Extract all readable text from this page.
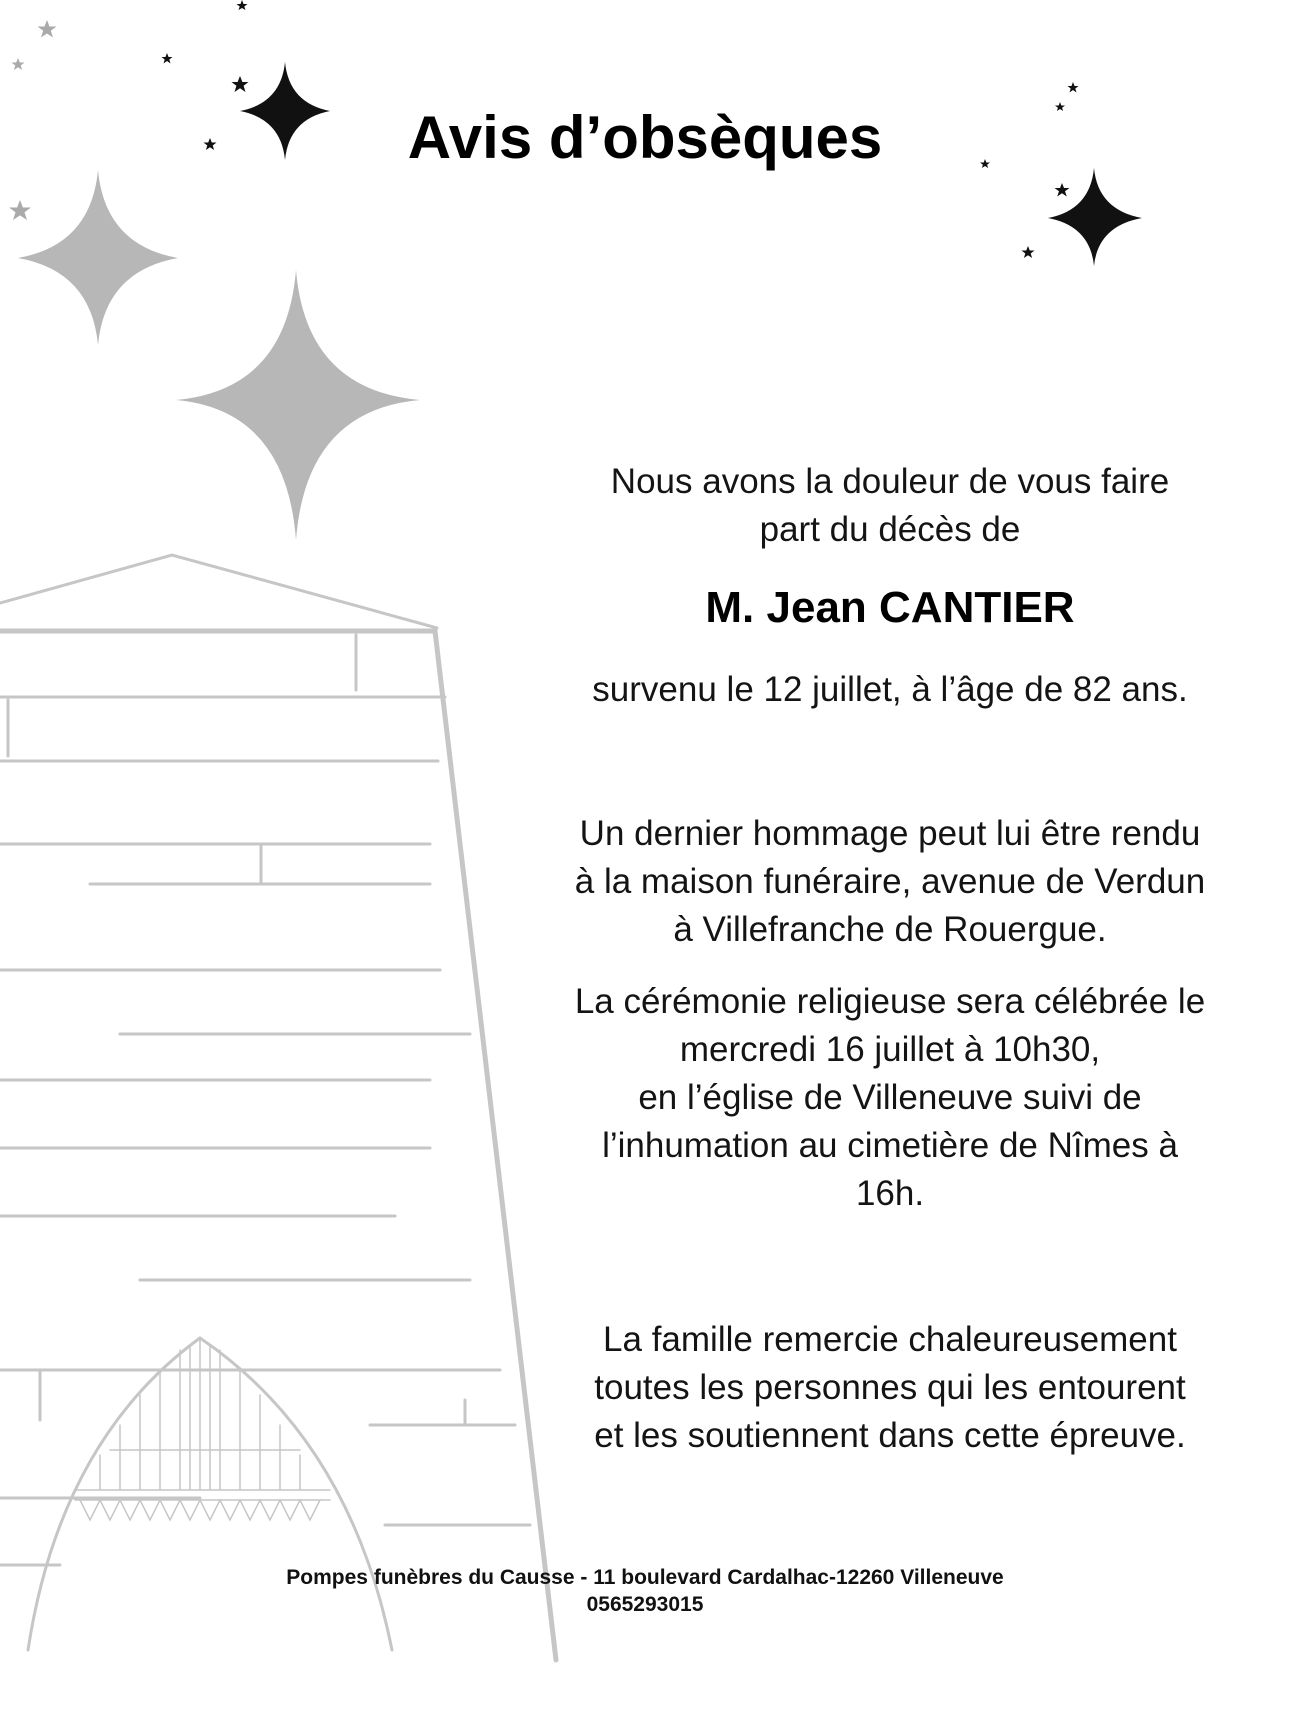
Avis d’obsèques

Nous avons la douleur de vous faire

part du décès de

M. Jean CANTIER

survenu le 12 juillet, à l’âge de 82 ans.

Un dernier hommage peut lui être rendu

à la maison funéraire, avenue de Verdun

à Villefranche de Rouergue.

La cérémonie religieuse sera célébrée le

mercredi 16 juillet à 10h30,

en l’église de Villeneuve suivi de

l’inhumation au cimetière de Nîmes à

16h.

La famille remercie chaleureusement

toutes les personnes qui les entourent

et les soutiennent dans cette épreuve.

Pompes funèbres du Causse - 11 boulevard Cardalhac-12260 Villeneuve
0565293015
